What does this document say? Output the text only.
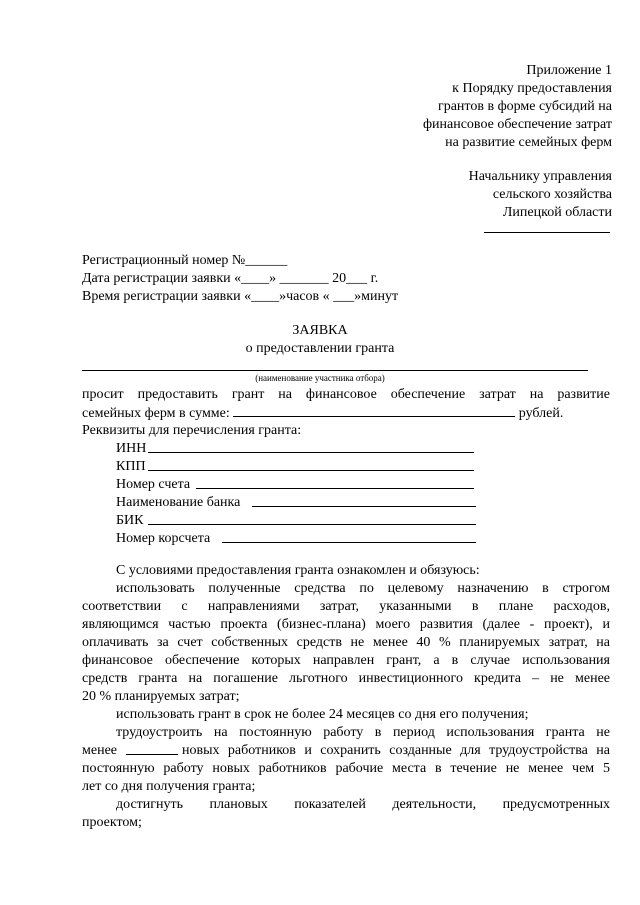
Приложение 1
к Порядку предоставления
грантов в форме субсидий на
финансовое обеспечение затрат
на развитие семейных ферм
Начальнику управления
сельского хозяйства
Липецкой области
Регистрационный номер №______
Дата регистрации заявки «____» _______ 20___ г.
Время регистрации заявки «____»часов « ___»минут
ЗАЯВКА
о предоставлении гранта
(наименование участника отбора)
просит предоставить грант на финансовое обеспечение затрат на развитие
семейных ферм в сумме:	рублей.
Реквизиты для перечисления гранта:
ИНН
КПП
Номер счета
Наименование банка
БИК
Номер корсчета
С условиями предоставления гранта ознакомлен и обязуюсь:
использовать полученные средства по целевому назначению в строгом
соответствии с направлениями затрат, указанными в плане расходов,
являющимся частью проекта (бизнес-плана) моего развития (далее - проект), и
оплачивать за счет собственных средств не менее 40 % планируемых затрат, на
финансовое обеспечение которых направлен грант, а в случае использования
средств гранта на погашение льготного инвестиционного кредита – не менее
20 % планируемых затрат;
использовать грант в срок не более 24 месяцев со дня его получения;
трудоустроить на постоянную работу в период использования гранта не
менее	новых работников и сохранить созданные для трудоустройства на
постоянную работу новых работников рабочие места в течение не менее чем 5
лет со дня получения гранта;
достигнуть плановых показателей деятельности, предусмотренных
проектом;
